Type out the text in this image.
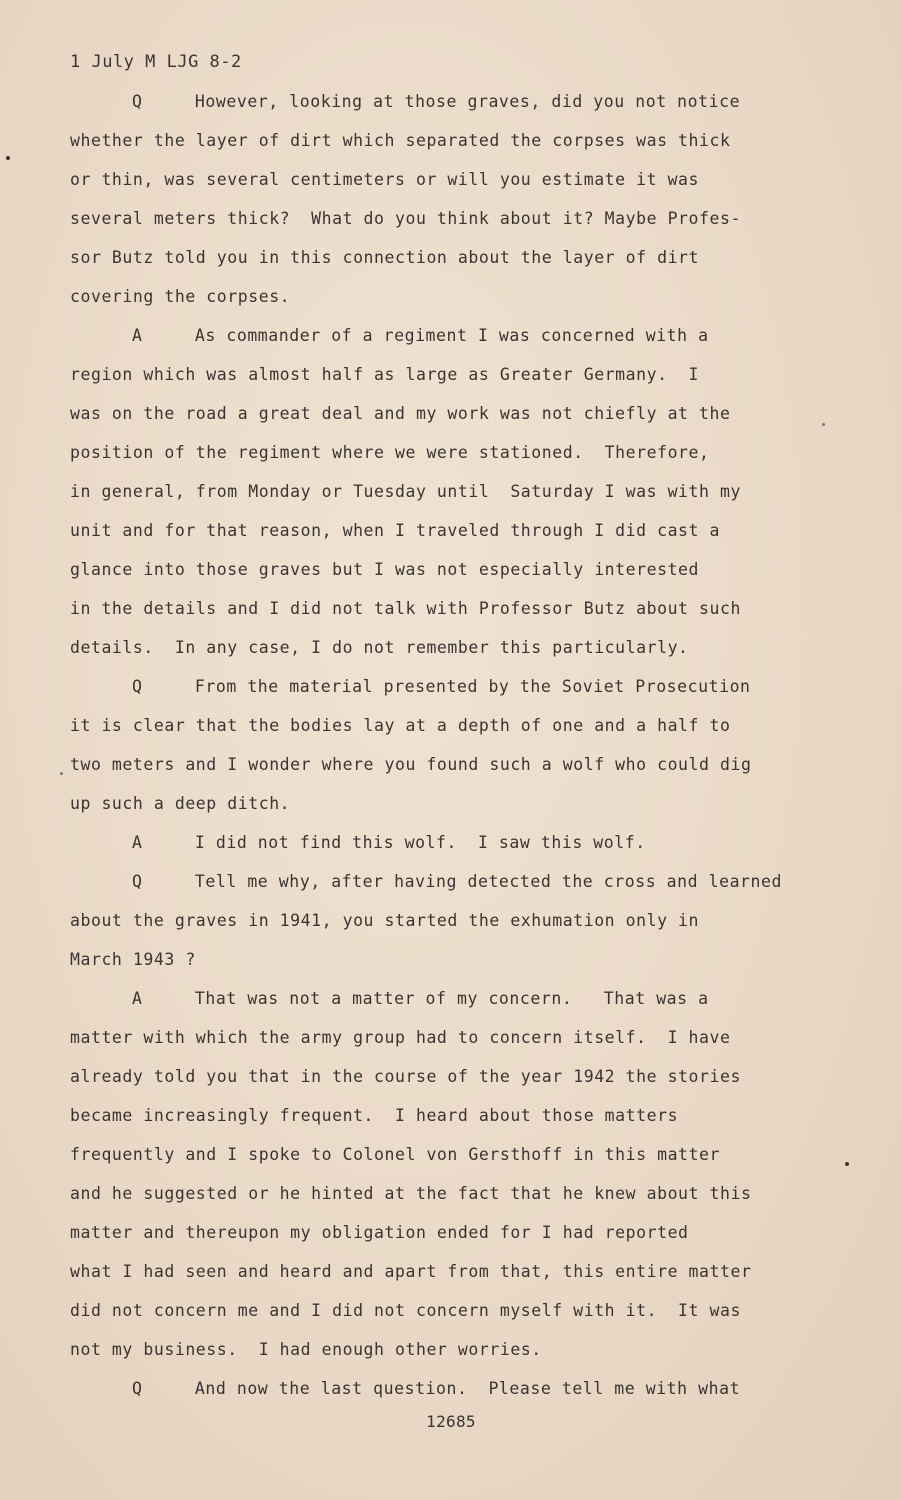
1 July M LJG 8-2
Q     However, looking at those graves, did you not notice
whether the layer of dirt which separated the corpses was thick
or thin, was several centimeters or will you estimate it was
several meters thick?  What do you think about it? Maybe Profes-
sor Butz told you in this connection about the layer of dirt
covering the corpses.
A     As commander of a regiment I was concerned with a
region which was almost half as large as Greater Germany.  I
was on the road a great deal and my work was not chiefly at the
position of the regiment where we were stationed.  Therefore,
in general, from Monday or Tuesday until  Saturday I was with my
unit and for that reason, when I traveled through I did cast a
glance into those graves but I was not especially interested
in the details and I did not talk with Professor Butz about such
details.  In any case, I do not remember this particularly.
Q     From the material presented by the Soviet Prosecution
it is clear that the bodies lay at a depth of one and a half to
two meters and I wonder where you found such a wolf who could dig
up such a deep ditch.
A     I did not find this wolf.  I saw this wolf.
Q     Tell me why, after having detected the cross and learned
about the graves in 1941, you started the exhumation only in
March 1943 ?
A     That was not a matter of my concern.   That was a
matter with which the army group had to concern itself.  I have
already told you that in the course of the year 1942 the stories
became increasingly frequent.  I heard about those matters
frequently and I spoke to Colonel von Gersthoff in this matter
and he suggested or he hinted at the fact that he knew about this
matter and thereupon my obligation ended for I had reported
what I had seen and heard and apart from that, this entire matter
did not concern me and I did not concern myself with it.  It was
not my business.  I had enough other worries.
Q     And now the last question.  Please tell me with what
12685
